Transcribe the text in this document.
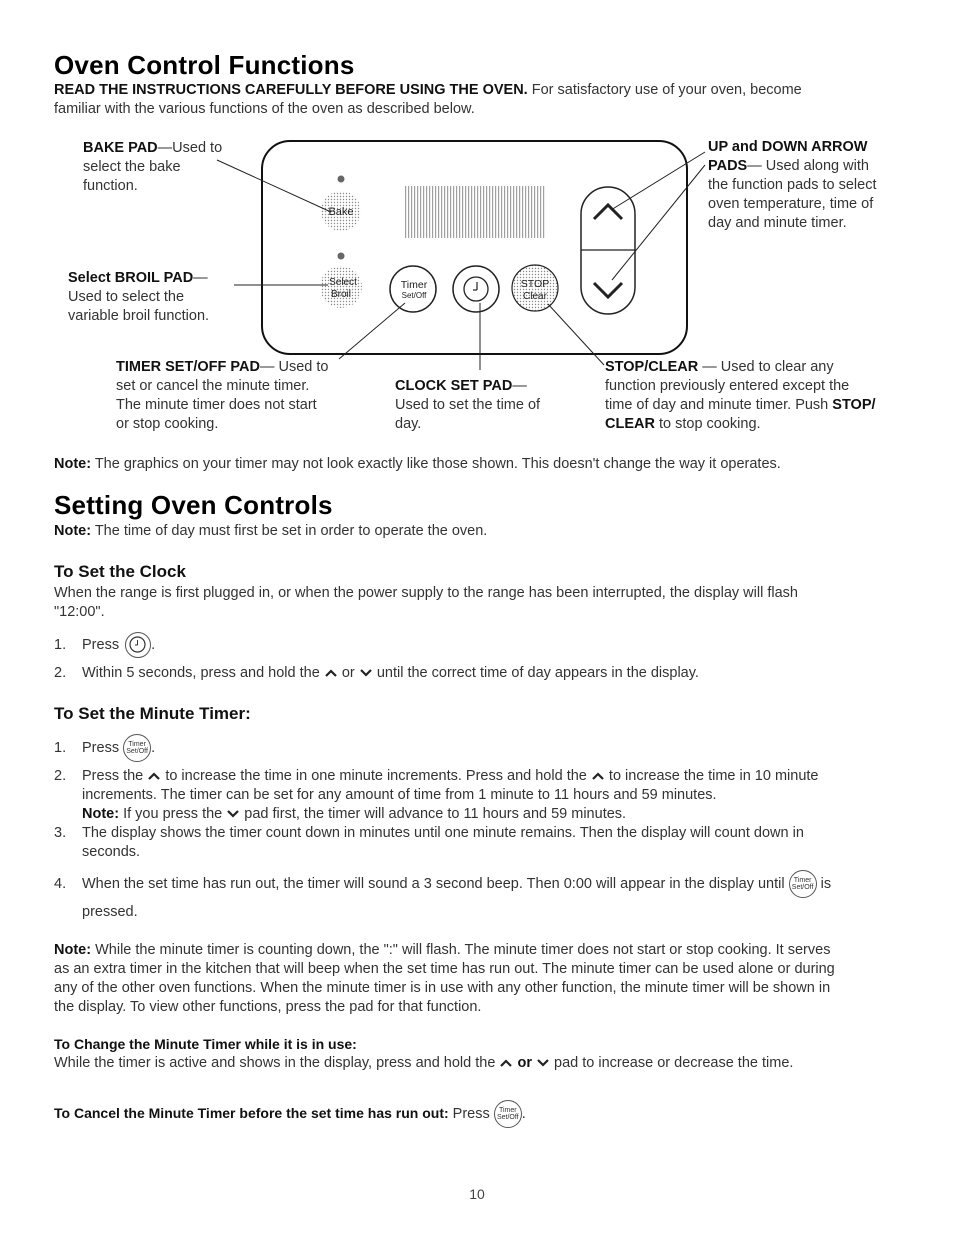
Oven Control Functions
READ THE INSTRUCTIONS CAREFULLY BEFORE USING THE OVEN. For satisfactory use of your oven, become
familiar with the various functions of the oven as described below.
Bake
Select
Broil
Timer
Set/Off
STOP
Clear
BAKE PAD—Used to
select the bake
function.
Select BROIL PAD—
Used to select the
variable broil function.
UP and DOWN ARROW
PADS— Used along with
the function pads to select
oven temperature, time of
day and minute timer.
TIMER SET/OFF PAD— Used to
set or cancel the minute timer.
The minute timer does not start
or stop cooking.
CLOCK SET PAD—
Used to set the time of
day.
STOP/CLEAR — Used to clear any
function previously entered except the
time of day and minute timer. Push STOP/
CLEAR to stop cooking.
Note: The graphics on your timer may not look exactly like those shown. This doesn't change the way it operates.
Setting Oven Controls
Note: The time of day must first be set in order to operate the oven.
To Set the Clock
When the range is first plugged in, or when the power supply to the range has been interrupted, the display will flash
"12:00".
1. Press .
2. Within 5 seconds, press and hold the or until the correct time of day appears in the display.
To Set the Minute Timer:
1. Press	Timer
Set/Off .
2. Press the to increase the time in one minute increments. Press and hold the to increase the time in 10 minute
increments. The timer can be set for any amount of time from 1 minute to 11 hours and 59 minutes.
Note: If you press the pad first, the timer will advance to 11 hours and 59 minutes.
3. The display shows the timer count down in minutes until one minute remains. Then the display will count down in
seconds.
4. When the set time has run out, the timer will sound a 3 second beep. Then 0:00 will appear in the display until	Timer
Set/Off is
pressed.
Note: While the minute timer is counting down, the ":" will flash. The minute timer does not start or stop cooking. It serves
as an extra timer in the kitchen that will beep when the set time has run out. The minute timer can be used alone or during
any of the other oven functions. When the minute timer is in use with any other function, the minute timer will be shown in
the display. To view other functions, press the pad for that function.
To Change the Minute Timer while it is in use:
While the timer is active and shows in the display, press and hold the or pad to increase or decrease the time.
To Cancel the Minute Timer before the set time has run out: Press	Timer
Set/Off .
10
